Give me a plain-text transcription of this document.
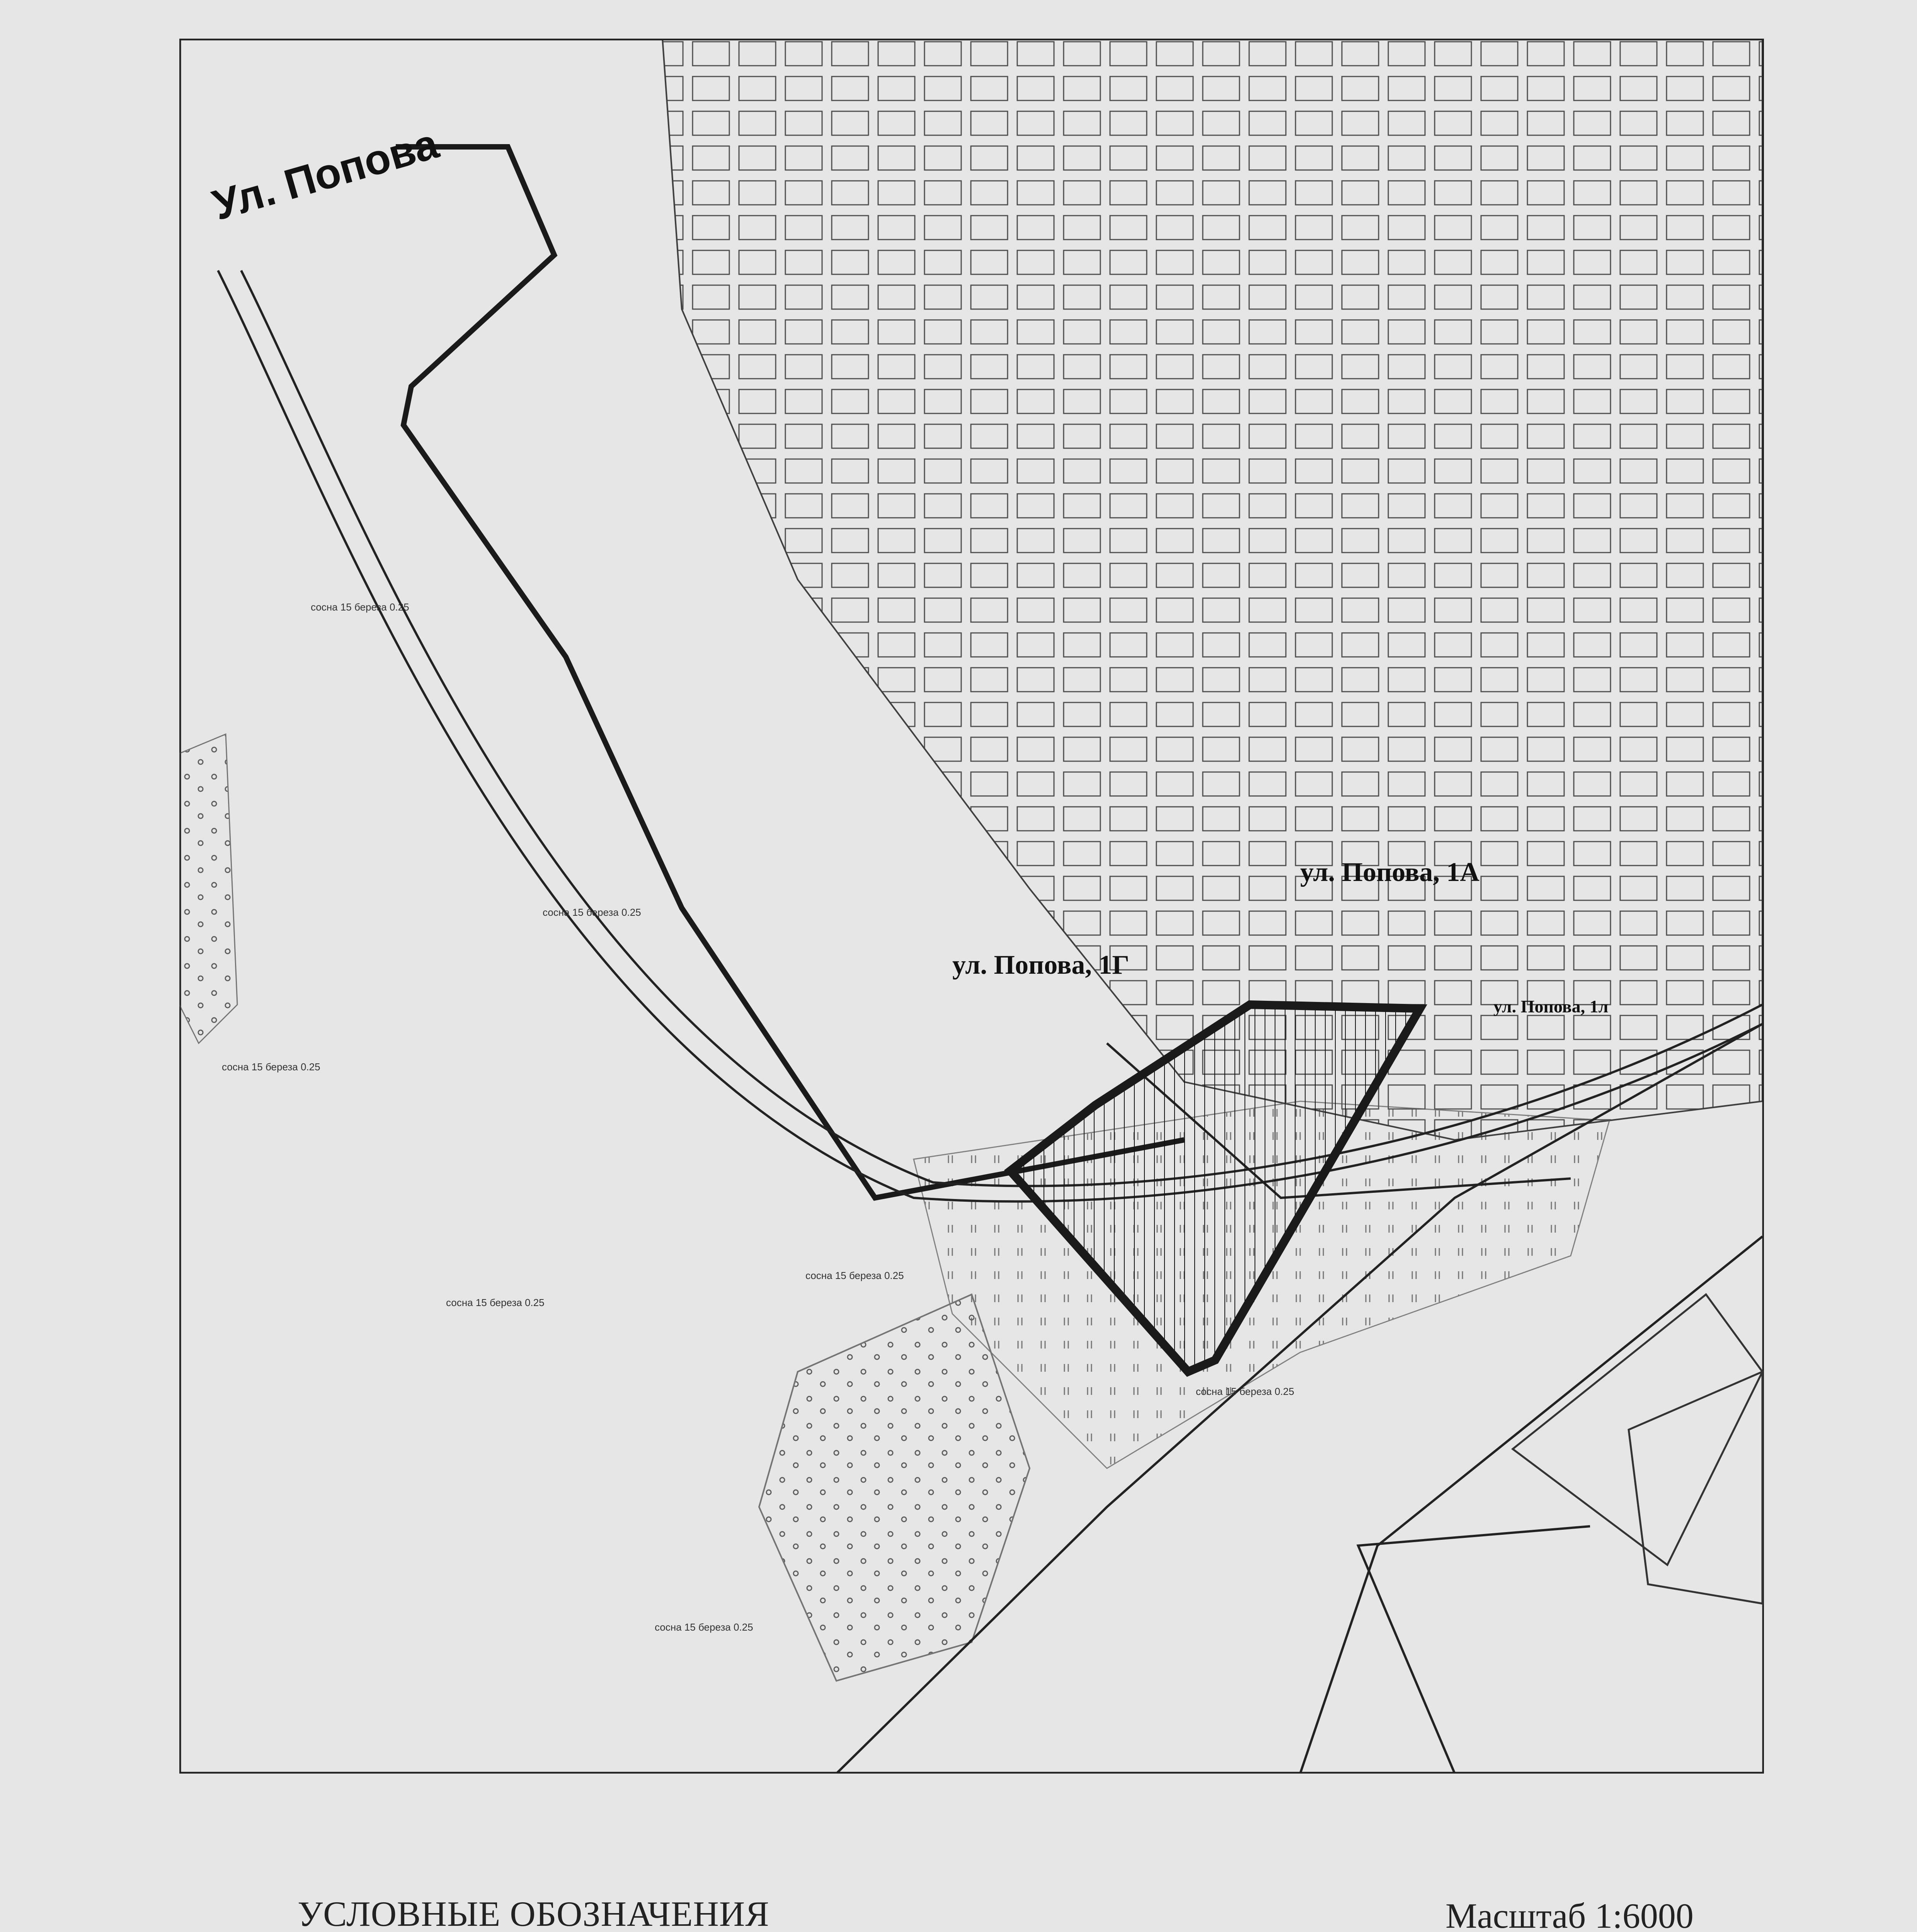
Ул. Попова
ул. Попова, 1Г
ул. Попова, 1А
ул. Попова, 1л
сосна 15 береза 0.25
сосна 15 береза 0.25
сосна 15 береза 0.25
сосна 15 береза 0.25
сосна 15 береза 0.25
сосна 15 береза 0.25
сосна 15 береза 0.25
УСЛОВНЫЕ ОБОЗНАЧЕНИЯ	Масштаб 1:6000
